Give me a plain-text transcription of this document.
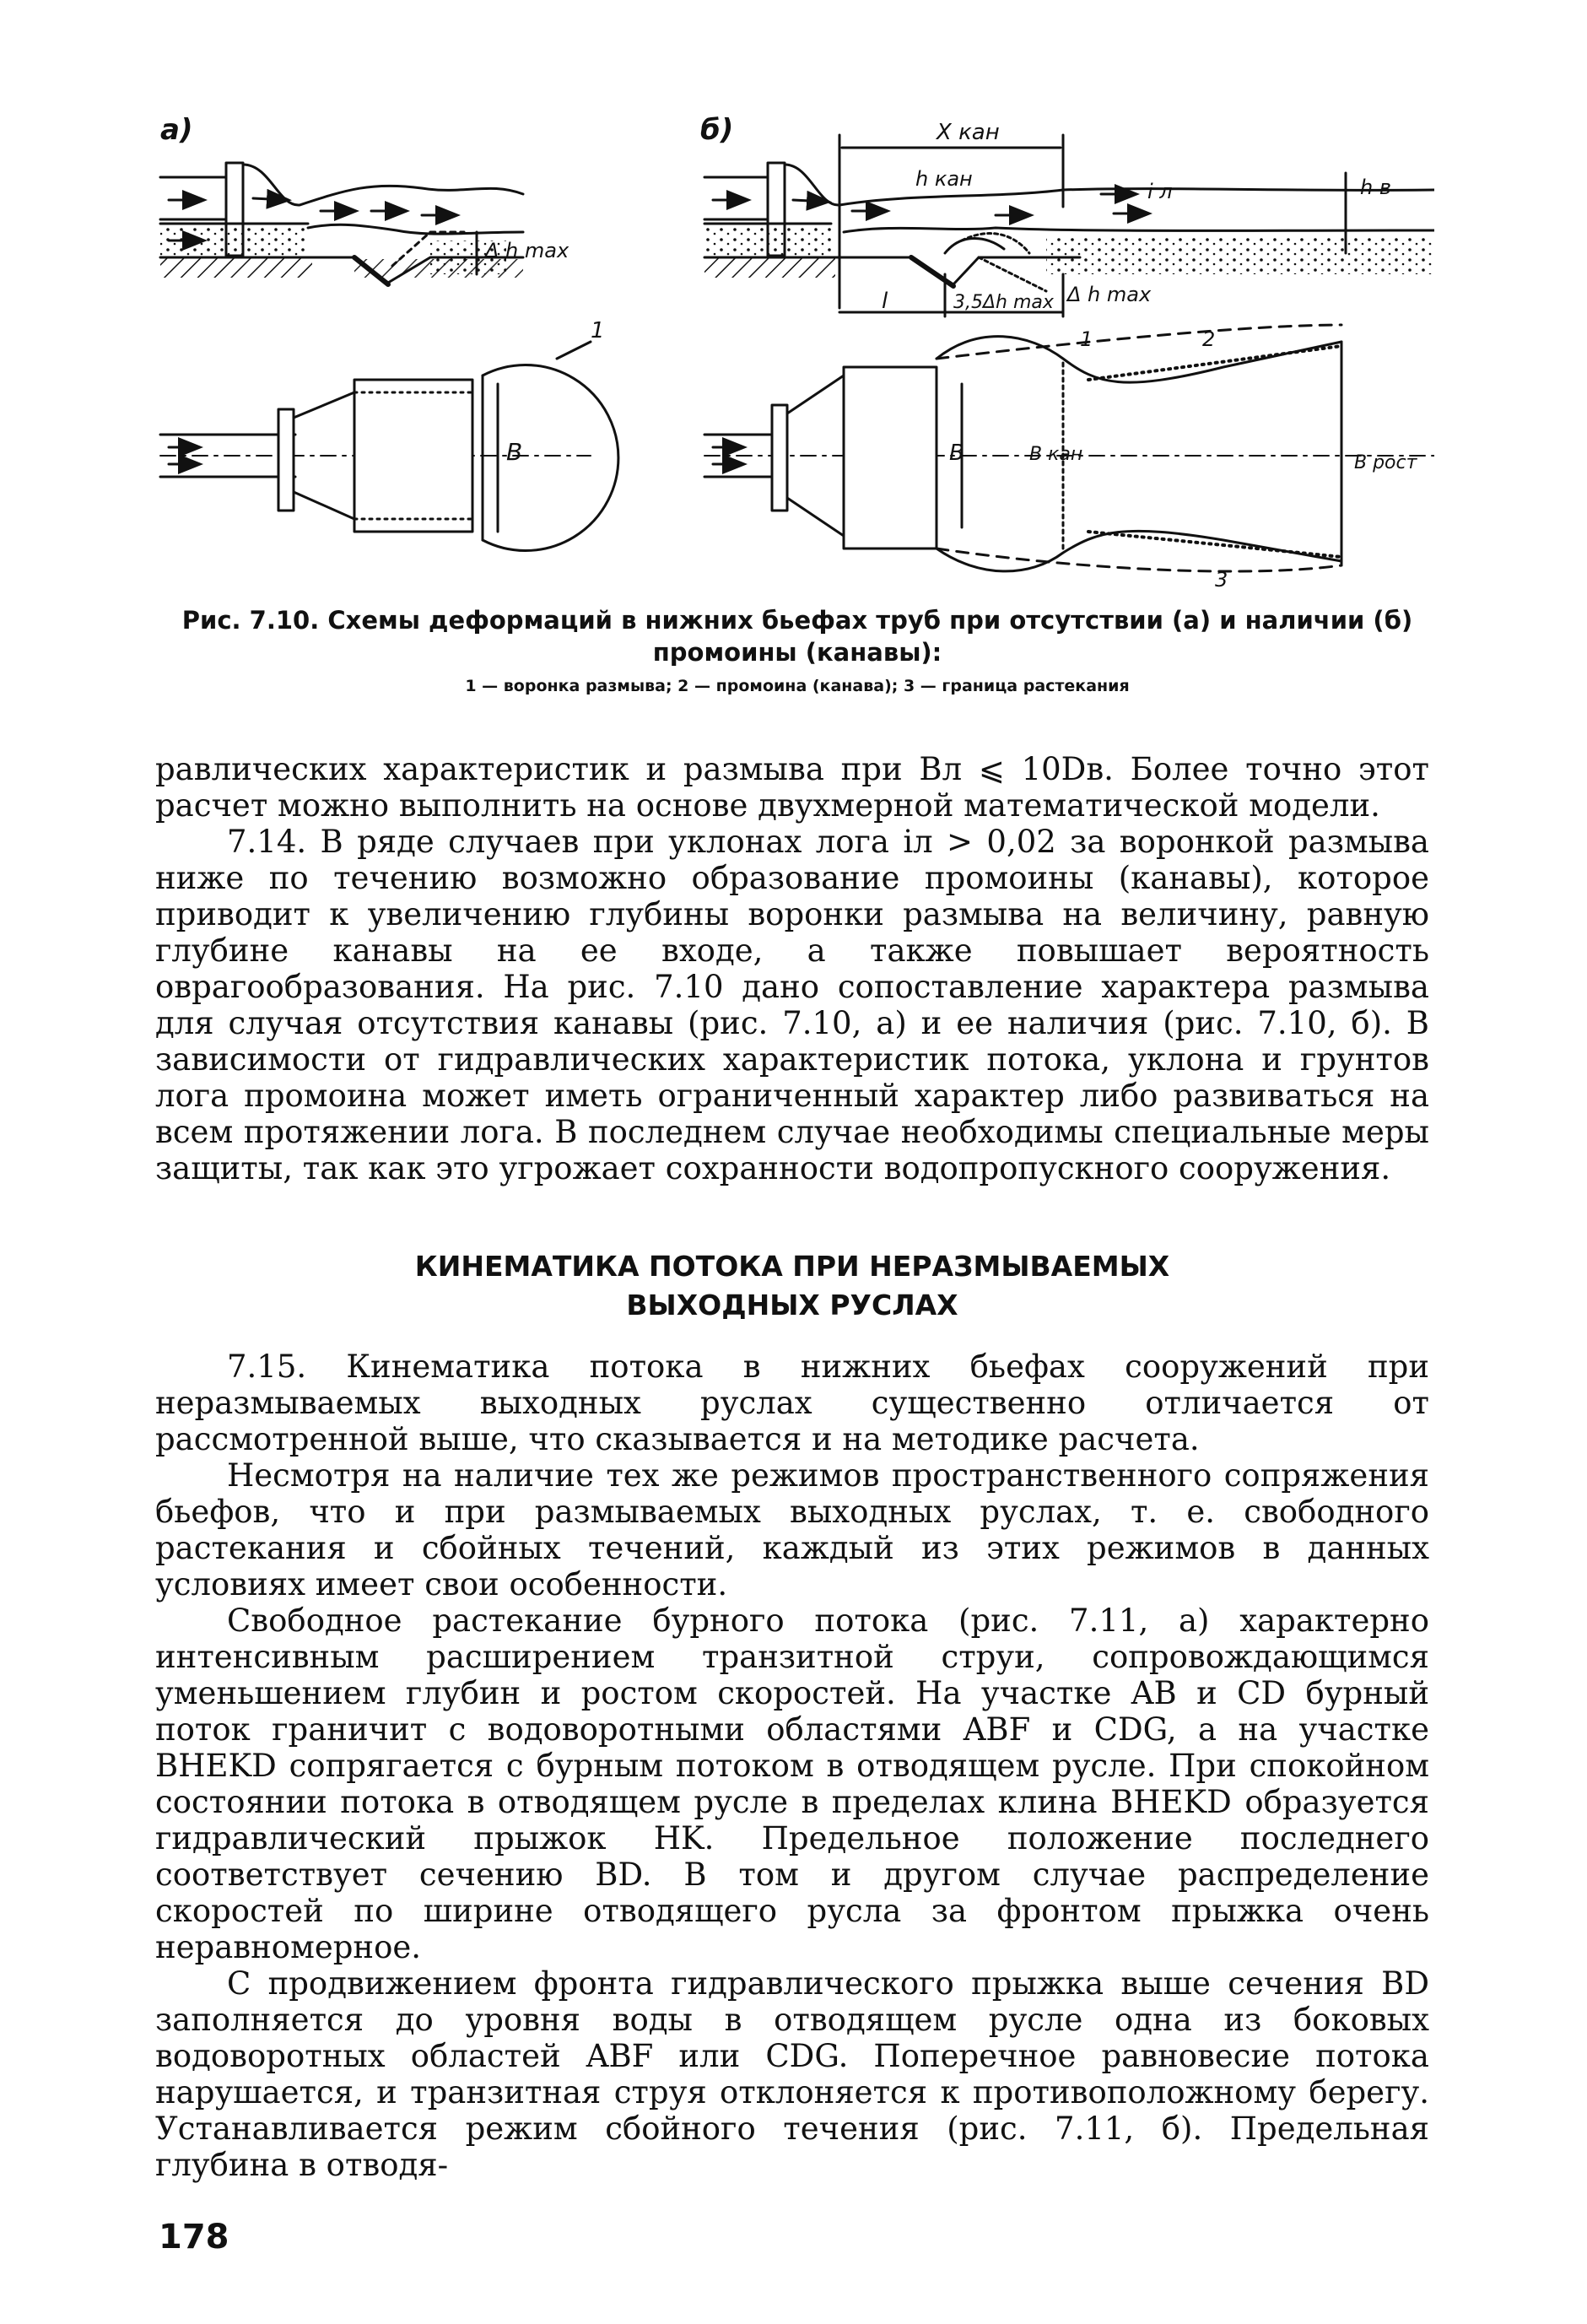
а)
Δ h max
B
1
б)	X кан
h кан
i л	h в
Δ h max
l	3,5Δh max
B	B кан	B рост
1	2
3
Рис. 7.10. Схемы деформаций в нижних бьефах труб при отсутствии (а) и наличии (б) промоины (канавы):
1 — воронка размыва; 2 — промоина (канава); 3 — граница растекания

равлических характеристик и размыва при Bл ⩽ 10Dв. Более точно этот расчет можно выполнить на основе двухмерной математической модели.

7.14. В ряде случаев при уклонах лога iл > 0,02 за воронкой размыва ниже по течению возможно образование промоины (канавы), которое приводит к увеличению глубины воронки размыва на величину, равную глубине канавы на ее входе, а также повышает вероятность оврагообразования. На рис. 7.10 дано сопоставление характера размыва для случая отсутствия канавы (рис. 7.10, а) и ее наличия (рис. 7.10, б). В зависимости от гидравлических характеристик потока, уклона и грунтов лога промоина может иметь ограниченный характер либо развиваться на всем протяжении лога. В последнем случае необходимы специальные меры защиты, так как это угрожает сохранности водопропускного сооружения.

КИНЕМАТИКА ПОТОКА ПРИ НЕРАЗМЫВАЕМЫХ
ВЫХОДНЫХ РУСЛАХ

7.15. Кинематика потока в нижних бьефах сооружений при неразмываемых выходных руслах существенно отличается от рассмотренной выше, что сказывается и на методике расчета.

Несмотря на наличие тех же режимов пространственного сопряжения бьефов, что и при размываемых выходных руслах, т. е. свободного растекания и сбойных течений, каждый из этих режимов в данных условиях имеет свои особенности.

Свободное растекание бурного потока (рис. 7.11, а) характерно интенсивным расширением транзитной струи, сопровождающимся уменьшением глубин и ростом скоростей. На участке AB и CD бурный поток граничит с водоворотными областями ABF и CDG, а на участке BHEKD сопрягается с бурным потоком в отводящем русле. При спокойном состоянии потока в отводящем русле в пределах клина BHEKD образуется гидравлический прыжок HK. Предельное положение последнего соответствует сечению BD. В том и другом случае распределение скоростей по ширине отводящего русла за фронтом прыжка очень неравномерное.

С продвижением фронта гидравлического прыжка выше сечения BD заполняется до уровня воды в отводящем русле одна из боковых водоворотных областей ABF или CDG. Поперечное равновесие потока нарушается, и транзитная струя отклоняется к противоположному берегу. Устанавливается режим сбойного течения (рис. 7.11, б). Предельная глубина в отводя-

178
